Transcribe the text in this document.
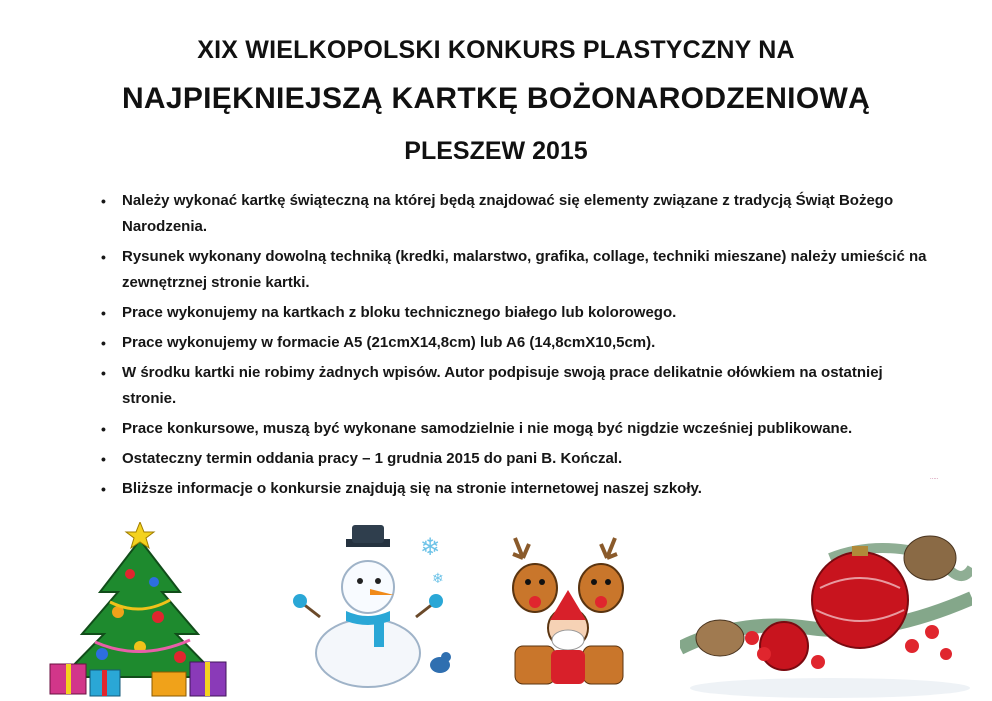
XIX WIELKOPOLSKI KONKURS PLASTYCZNY NA
NAJPIĘKNIEJSZĄ KARTKĘ BOŻONARODZENIOWĄ
PLESZEW 2015
• Należy wykonać kartkę świąteczną na której będą znajdować się elementy związane z tradycją Świąt Bożego Narodzenia.
• Rysunek wykonany dowolną techniką (kredki, malarstwo, grafika, collage, techniki mieszane) należy umieścić na zewnętrznej stronie kartki.
• Prace wykonujemy na kartkach z bloku technicznego białego lub kolorowego.
• Prace wykonujemy w formacie A5 (21cmX14,8cm) lub A6 (14,8cmX10,5cm).
• W środku kartki nie robimy żadnych wpisów. Autor podpisuje swoją prace delikatnie ołówkiem na ostatniej stronie.
• Prace konkursowe, muszą być wykonane samodzielnie i nie mogą być nigdzie wcześniej publikowane.
• Ostateczny termin oddania pracy – 1 grudnia 2015 do pani B. Kończal.
• Bliższe informacje o konkursie znajdują się na stronie internetowej naszej szkoły.
·····
❄
❄
